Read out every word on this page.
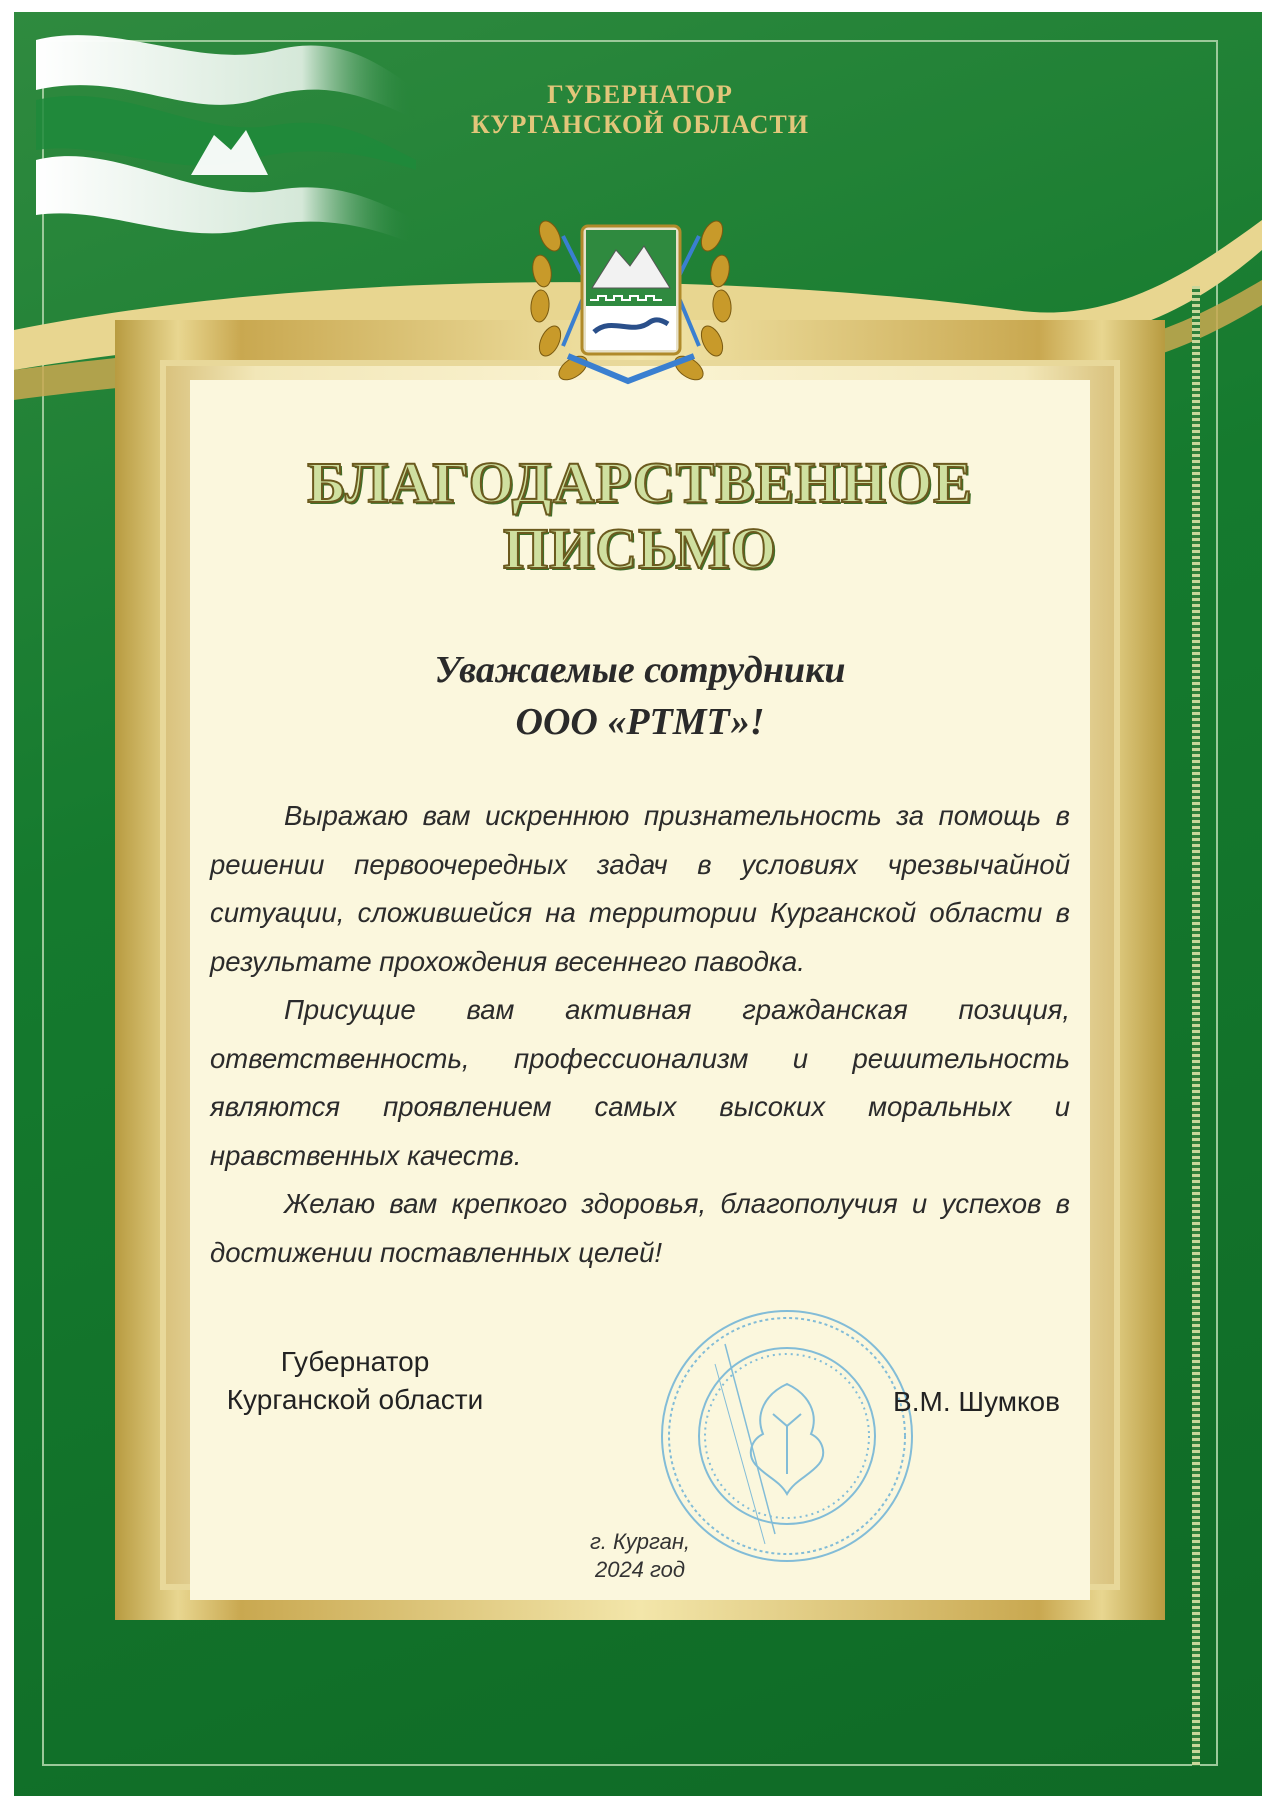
ГУБЕРНАТОР
КУРГАНСКОЙ ОБЛАСТИ
БЛАГОДАРСТВЕННОЕ
ПИСЬМО
Уважаемые сотрудники
ООО «РТМТ»!

Выражаю вам искреннюю признательность за помощь в решении первоочередных задач в условиях чрезвычайной ситуации, сложившейся на территории Курганской области в результате прохождения весеннего паводка.

Присущие вам активная гражданская позиция, ответственность, профессионализм и решительность являются проявлением самых высоких моральных и нравственных качеств.

Желаю вам крепкого здоровья, благополучия и успехов в достижении поставленных целей!

Губернатор
Курганской области	В.М. Шумков
г. Курган,
2024 год
